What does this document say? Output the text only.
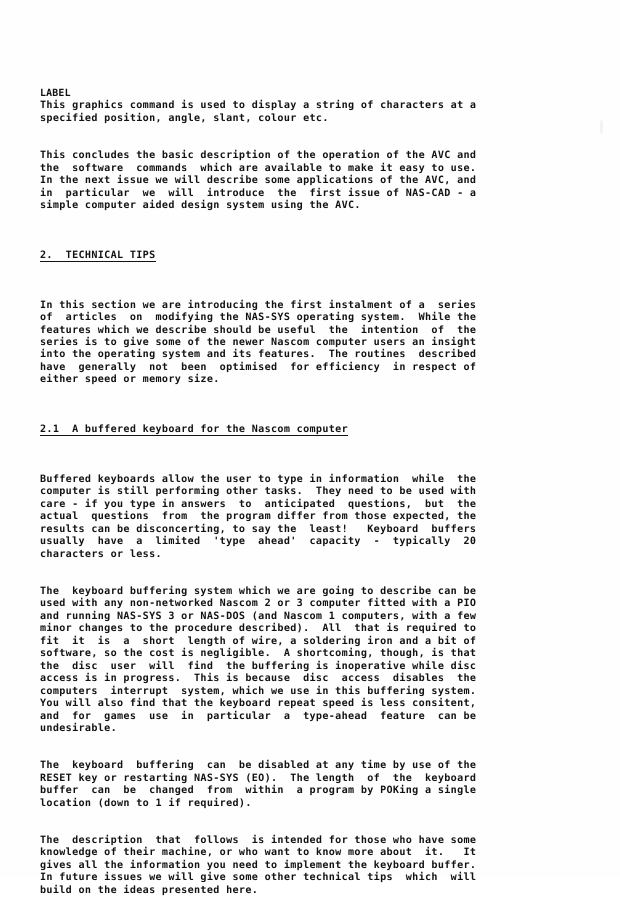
LABEL
This graphics command is used to display a string of characters at a
specified position, angle, slant, colour etc.
This concludes the basic description of the operation of the AVC and
the  software  commands  which are available to make it easy to use.
In the next issue we will describe some applications of the AVC, and
in  particular  we  will  introduce  the  first issue of NAS-CAD - a
simple computer aided design system using the AVC.
2.  TECHNICAL TIPS
In this section we are introducing the first instalment of a  series
of  articles  on  modifying the NAS-SYS operating system.  While the
features which we describe should be useful  the  intention  of  the
series is to give some of the newer Nascom computer users an insight
into the operating system and its features.  The routines  described
have  generally  not  been  optimised  for efficiency  in respect of
either speed or memory size.
2.1  A buffered keyboard for the Nascom computer
Buffered keyboards allow the user to type in information  while  the
computer is still performing other tasks.  They need to be used with
care - if you type in answers  to  anticipated  questions,  but  the
actual  questions  from  the program differ from those expected, the
results can be disconcerting, to say the  least!   Keyboard  buffers
usually  have  a  limited  'type  ahead'  capacity  -  typically  20
characters or less.
The  keyboard buffering system which we are going to describe can be
used with any non-networked Nascom 2 or 3 computer fitted with a PIO
and running NAS-SYS 3 or NAS-DOS (and Nascom 1 computers, with a few
minor changes to the procedure described).  All  that is required to
fit  it  is  a  short  length of wire, a soldering iron and a bit of
software, so the cost is negligible.  A shortcoming, though, is that
the  disc  user  will  find  the buffering is inoperative while disc
access is in progress.  This is because  disc  access  disables  the
computers  interrupt  system, which we use in this buffering system.
You will also find that the keyboard repeat speed is less consitent,
and  for  games  use  in  particular  a  type-ahead  feature  can be
undesirable.
The  keyboard  buffering  can  be disabled at any time by use of the
RESET key or restarting NAS-SYS (EO).  The length  of  the  keyboard
buffer  can  be  changed  from  within  a program by POKing a single
location (down to 1 if required).
The  description  that  follows  is intended for those who have some
knowledge of their machine, or who want to know more about  it.   It
gives all the information you need to implement the keyboard buffer.
In future issues we will give some other technical tips  which  will
build on the ideas presented here.
